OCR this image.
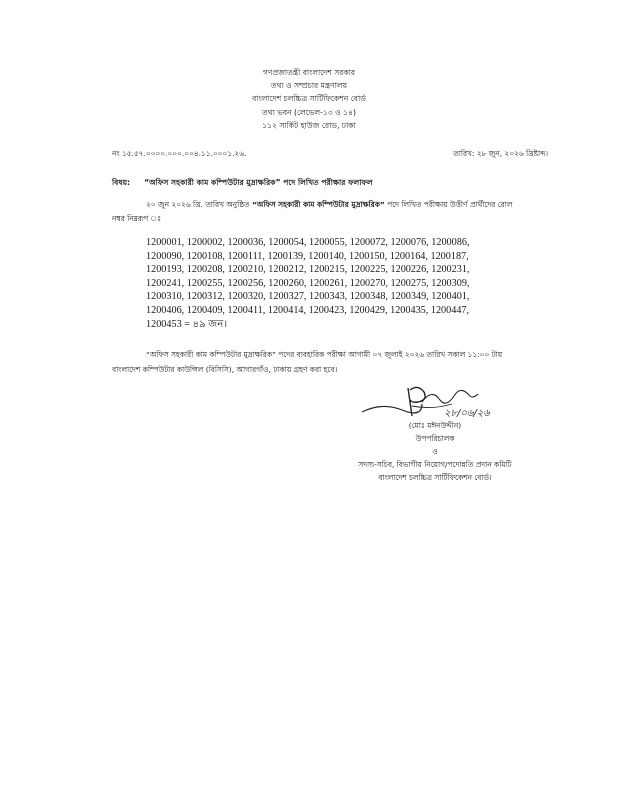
গণপ্রজাতন্ত্রী বাংলাদেশ সরকার
তথ্য ও সম্প্রচার মন্ত্রণালয়
বাংলাদেশ চলচ্চিত্র সার্টিফিকেশন বোর্ড
তথ্য ভবন (লেভেল-১৩ ও ১৪)
১১২ সার্কিট হাউজ রোড, ঢাকা
নং ১৫.৫৭.০০০০.০০০.০০৪.১১.০০০১.২৬.	তারিখ: ২৮ জুন, ২০২৬ খ্রিষ্টাব্দ।
বিষয়: “অফিস সহকারী কাম কম্পিউটার মুদ্রাক্ষরিক” পদে লিখিত পরীক্ষার ফলাফল
২০ জুন ২০২৬ খ্রি. তারিখ অনুষ্ঠিত “অফিস সহকারী কাম কম্পিউটার মুদ্রাক্ষরিক” পদে লিখিত পরীক্ষায় উত্তীর্ণ প্রার্থীদের রোল নম্বর নিম্নরূপ ঃ
1200001, 1200002, 1200036, 1200054, 1200055, 1200072, 1200076, 1200086,
1200090, 1200108, 1200111, 1200139, 1200140, 1200150, 1200164, 1200187,
1200193, 1200208, 1200210, 1200212, 1200215, 1200225, 1200226, 1200231,
1200241, 1200255, 1200256, 1200260, 1200261, 1200270, 1200275, 1200309,
1200310, 1200312, 1200320, 1200327, 1200343, 1200348, 1200349, 1200401,
1200406, 1200409, 1200411, 1200414, 1200423, 1200429, 1200435, 1200447,
1200453 = ৪৯ জন।
“অফিস সহকারী কাম কম্পিউটার মুদ্রাক্ষরিক” পদের ব্যবহারিক পরীক্ষা আগামী ০৭ জুলাই ২০২৬ তারিখ সকাল ১১:০০ টায় বাংলাদেশ কম্পিউটার কাউন্সিল (বিসিসি), আগারগাঁও, ঢাকায় গ্রহণ করা হবে।
২৮/০৬/২৬
(মোঃ মঈনউদ্দীন)
উপপরিচালক
ও
সদস্য-সচিব, বিভাগীয় নিয়োগ/পদোন্নতি প্রদান কমিটি
বাংলাদেশ চলচ্চিত্র সার্টিফিকেশন বোর্ড।
